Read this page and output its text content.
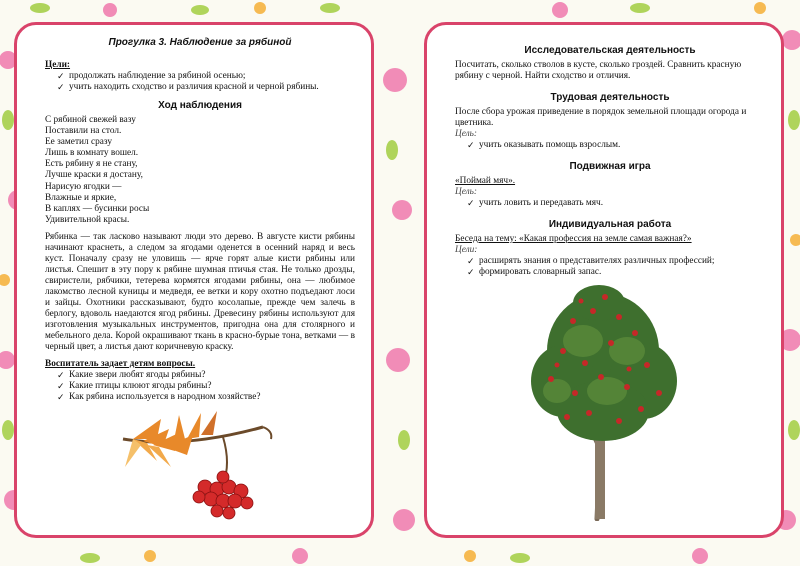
Прогулка 3. Наблюдение за рябиной
Цели:
✓ продолжать наблюдение за рябиной осенью;
✓ учить находить сходство и различия красной и черной рябины.
Ход наблюдения
С рябиной свежей вазу
Поставили на стол.
Ее заметил сразу
Лишь в комнату вошел.
Есть рябину я не стану,
Лучше краски я достану,
Нарисую ягодки —
Влажные и яркие,
В каплях — бусинки росы
Удивительной красы.
Рябинка — так ласково называют люди это дерево. В августе кисти рябины начинают краснеть, а следом за ягодами оденется в осенний наряд и весь куст. Поначалу сразу не уловишь — ярче горят алые кисти рябины или листья. Спешит в эту пору к рябине шумная птичья стая. Не только дрозды, свиристели, рябчики, тетерева кормятся ягодами рябины, она — любимое лакомство лесной куницы и медведя, ее ветки и кору охотно подъедают лоси и зайцы. Охотники рассказывают, будто косолапые, прежде чем залечь в берлогу, вдоволь наедаются ягод рябины. Древесину рябины используют для изготовления музыкальных инструментов, пригодна она для столярного и мебельного дела. Корой окрашивают ткань в красно-бурые тона, ветками — в черный цвет, а листья дают коричневую краску.
Воспитатель задает детям вопросы.
✓ Какие звери любят ягоды рябины?
✓ Какие птицы клюют ягоды рябины?
✓ Как рябина используется в народном хозяйстве?
Исследовательская деятельность
Посчитать, сколько стволов в кусте, сколько гроздей. Сравнить красную рябину с черной. Найти сходство и отличия.
Трудовая деятельность
После сбора урожая приведение в порядок земельной площади огорода и цветника.
Цель:
✓ учить оказывать помощь взрослым.
Подвижная игра
«Поймай мяч».
Цель:
✓ учить ловить и передавать мяч.
Индивидуальная работа
Беседа на тему: «Какая профессия на земле самая важная?»
Цели:
✓ расширять знания о представителях различных профессий;
✓ формировать словарный запас.
